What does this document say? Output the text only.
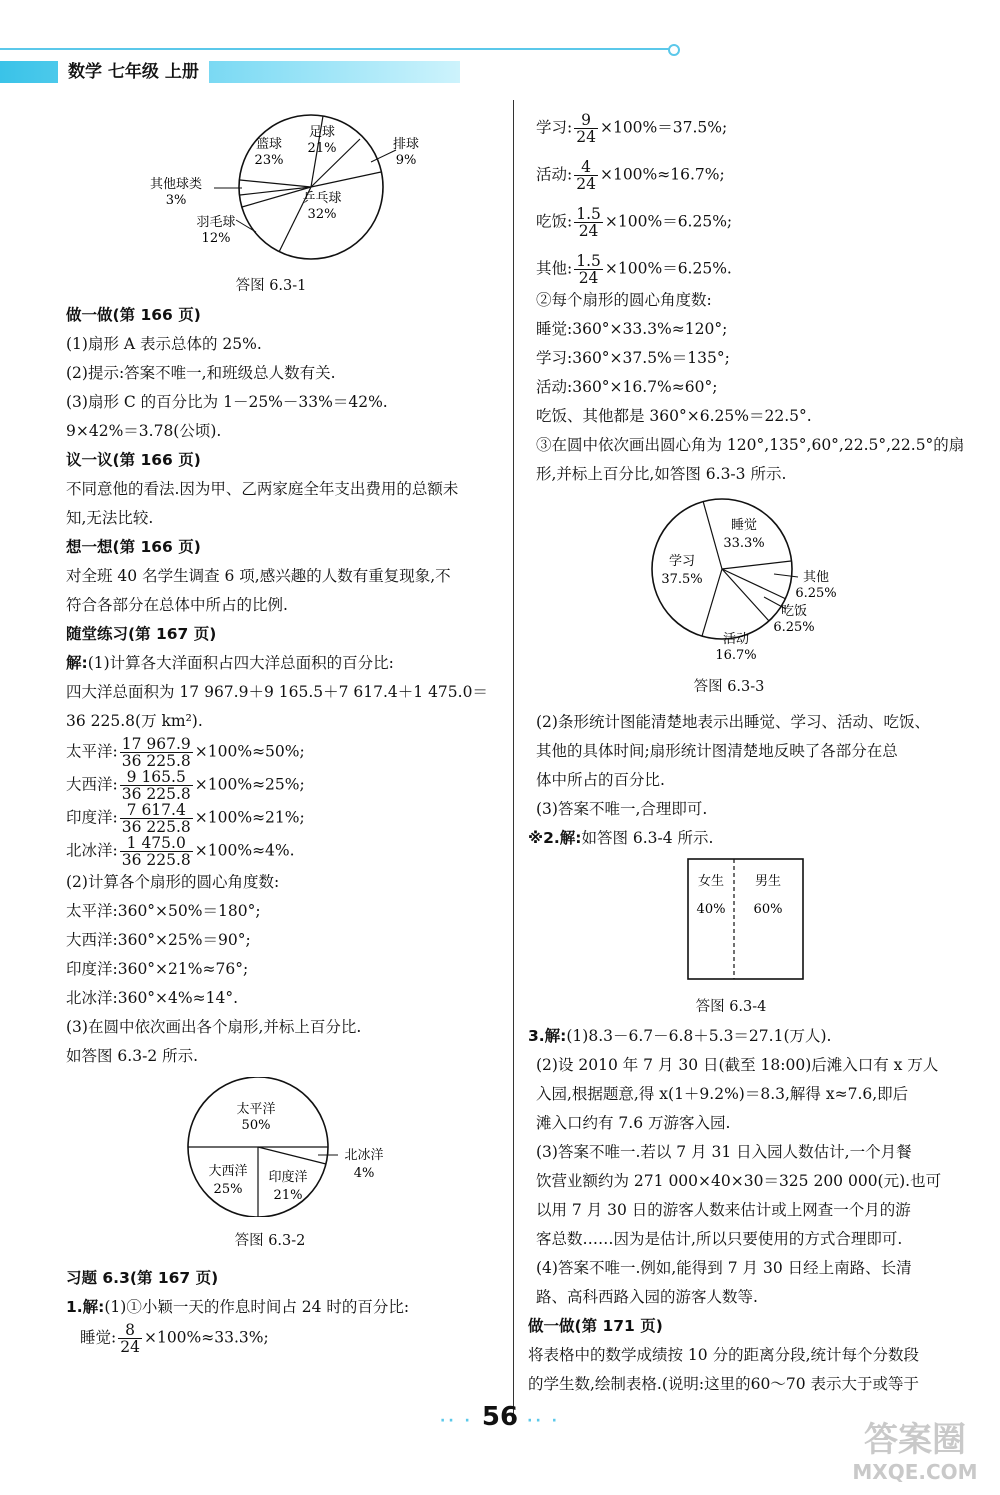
数学 七年级 上册
篮球
23%
足球
21%	排球
9%
乒乓球
32%
羽毛球
12%
其他球类
3%

答图 6.3-1

做一做(第 166 页)

(1)扇形 A 表示总体的 25%.

(2)提示:答案不唯一,和班级总人数有关.

(3)扇形 C 的百分比为 1－25%－33%＝42%.

9×42%＝3.78(公顷).

议一议(第 166 页)

不同意他的看法.因为甲、乙两家庭全年支出费用的总额未

知,无法比较.

想一想(第 166 页)

对全班 40 名学生调查 6 项,感兴趣的人数有重复现象,不

符合各部分在总体中所占的比例.

随堂练习(第 167 页)

解:(1)计算各大洋面积占四大洋总面积的百分比:

四大洋总面积为 17 967.9＋9 165.5＋7 617.4＋1 475.0＝

36 225.8(万 km²).

太平洋: $\frac{17 967.9}{36 225.8} \times 100\%\approx 50\%$;

大西洋: $\frac{9 165.5}{36 225.8} \times 100\%\approx 25\%$;

印度洋: $\frac{7 617.4}{36 225.8} \times 100\%\approx 21\%$;

北冰洋: $\frac{1 475.0}{36 225.8} \times 100\%\approx 4\%$.

(2)计算各个扇形的圆心角度数:

太平洋:360°×50%＝180°;

大西洋:360°×25%＝90°;

印度洋:360°×21%≈76°;

北冰洋:360°×4%≈14°.

(3)在圆中依次画出各个扇形,并标上百分比.

如答图 6.3-2 所示.

太平洋
50%
大西洋
25%
印度洋
21%
北冰洋
4%

答图 6.3-2

习题 6.3(第 167 页)

1.解:(1)①小颖一天的作息时间占 24 时的百分比:

睡觉: $\frac{8}{24} \times 100\%\approx 33.3\%$;

学习: $\frac{9}{24} \times 100\%=37.5\%$;

活动: $\frac{4}{24} \times 100\%\approx 16.7\%$;

吃饭: $\frac{1.5}{24} \times 100\%=6.25\%$;

其他: $\frac{1.5}{24} \times 100\%=6.25\%$.

②每个扇形的圆心角度数:

睡觉:360°×33.3%≈120°;

学习:360°×37.5%＝135°;

活动:360°×16.7%≈60°;

吃饭、其他都是 360°×6.25%＝22.5°.

③在圆中依次画出圆心角为 120°,135°,60°,22.5°,22.5°的扇

形,并标上百分比,如答图 6.3-3 所示.

睡觉
33.3%
学习
37.5%	其他
6.25%
吃饭
6.25%
活动
16.7%

答图 6.3-3

(2)条形统计图能清楚地表示出睡觉、学习、活动、吃饭、

其他的具体时间;扇形统计图清楚地反映了各部分在总

体中所占的百分比.

(3)答案不唯一,合理即可.

※2.解:如答图 6.3-4 所示.

女生
40%
男生
60%

答图 6.3-4

3.解:(1)8.3－6.7－6.8＋5.3＝27.1(万人).

(2)设 2010 年 7 月 30 日(截至 18:00)后滩入口有 x 万人

入园,根据题意,得 x(1＋9.2%)＝8.3,解得 x≈7.6,即后

滩入口约有 7.6 万游客入园.

(3)答案不唯一.若以 7 月 31 日入园人数估计,一个月餐

饮营业额约为 271 000×40×30＝325 200 000(元).也可

以用 7 月 30 日的游客人数来估计或上网查一个月的游

客总数……因为是估计,所以只要使用的方式合理即可.

(4)答案不唯一.例如,能得到 7 月 30 日经上南路、长清

路、高科西路入园的游客人数等.

做一做(第 171 页)

将表格中的数学成绩按 10 分的距离分段,统计每个分数段

的学生数,绘制表格.(说明:这里的60～70 表示大于或等于

·· · 56 ·· ·	答案圈
MXQE.COM
